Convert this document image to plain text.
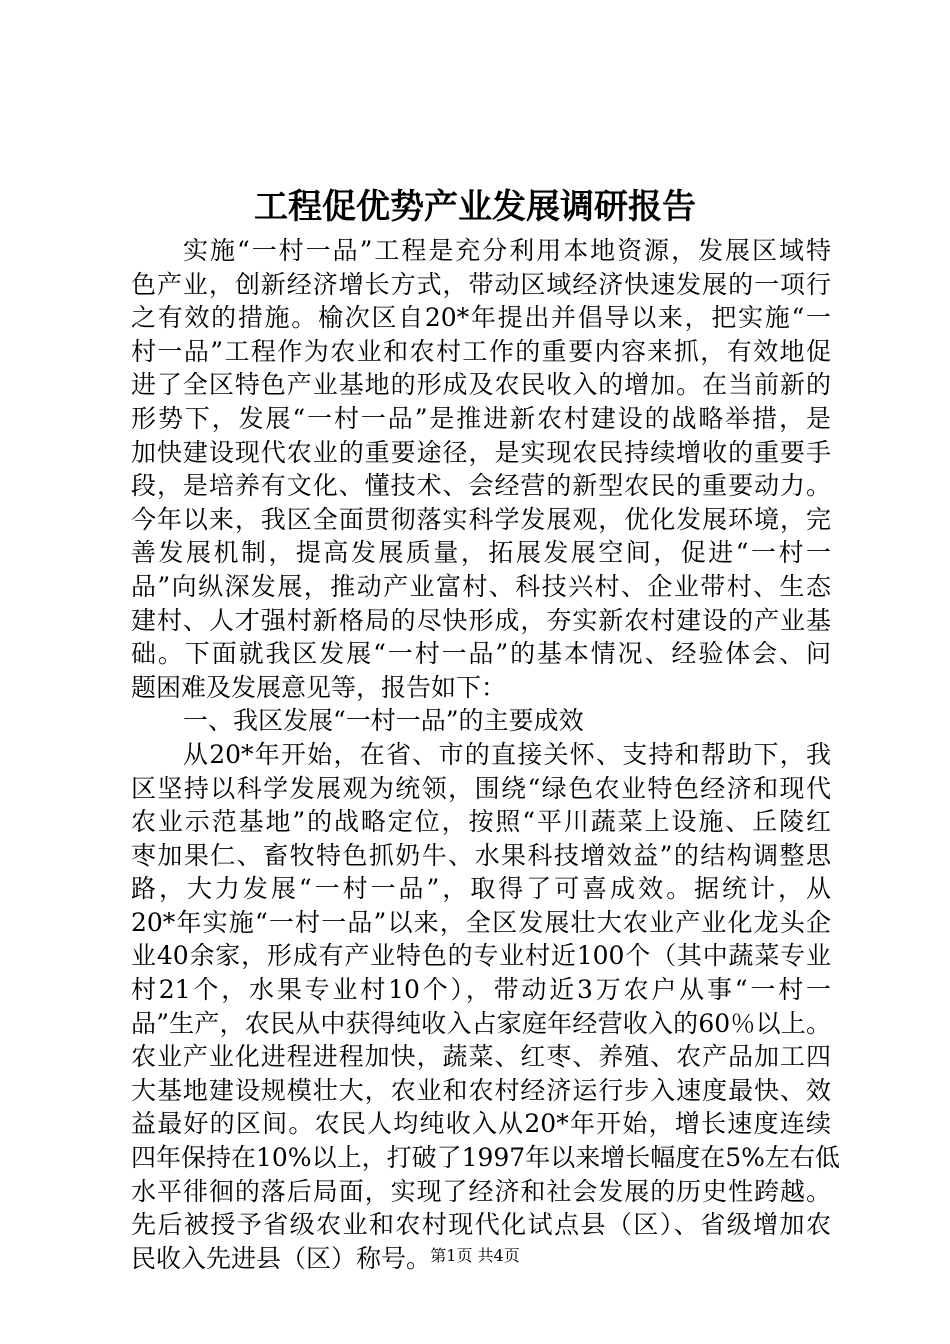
工程促优势产业发展调研报告
实施“一村一品”工程是充分利用本地资源，发展区域特
色产业，创新经济增长方式，带动区域经济快速发展的一项行
之有效的措施。榆次区自20*年提出并倡导以来，把实施“一
村一品”工程作为农业和农村工作的重要内容来抓，有效地促
进了全区特色产业基地的形成及农民收入的增加。在当前新的
形势下，发展“一村一品”是推进新农村建设的战略举措，是
加快建设现代农业的重要途径，是实现农民持续增收的重要手
段，是培养有文化、懂技术、会经营的新型农民的重要动力。
今年以来，我区全面贯彻落实科学发展观，优化发展环境，完
善发展机制，提高发展质量，拓展发展空间，促进“一村一
品”向纵深发展，推动产业富村、科技兴村、企业带村、生态
建村、人才强村新格局的尽快形成，夯实新农村建设的产业基
础。下面就我区发展“一村一品”的基本情况、经验体会、问
题困难及发展意见等，报告如下：
一、我区发展“一村一品”的主要成效
从20*年开始，在省、市的直接关怀、支持和帮助下，我
区坚持以科学发展观为统领，围绕“绿色农业特色经济和现代
农业示范基地”的战略定位，按照“平川蔬菜上设施、丘陵红
枣加果仁、畜牧特色抓奶牛、水果科技增效益”的结构调整思
路，大力发展“一村一品”，取得了可喜成效。据统计，从
20*年实施“一村一品”以来，全区发展壮大农业产业化龙头企
业40余家，形成有产业特色的专业村近100个（其中蔬菜专业
村21个，水果专业村10个），带动近3万农户从事“一村一
品”生产，农民从中获得纯收入占家庭年经营收入的60％以上。
农业产业化进程进程加快，蔬菜、红枣、养殖、农产品加工四
大基地建设规模壮大，农业和农村经济运行步入速度最快、效
益最好的区间。农民人均纯收入从20*年开始，增长速度连续
四年保持在10%以上，打破了1997年以来增长幅度在5%左右低
水平徘徊的落后局面，实现了经济和社会发展的历史性跨越。
先后被授予省级农业和农村现代化试点县（区）、省级增加农
民收入先进县（区）称号。 第1页 共4页
